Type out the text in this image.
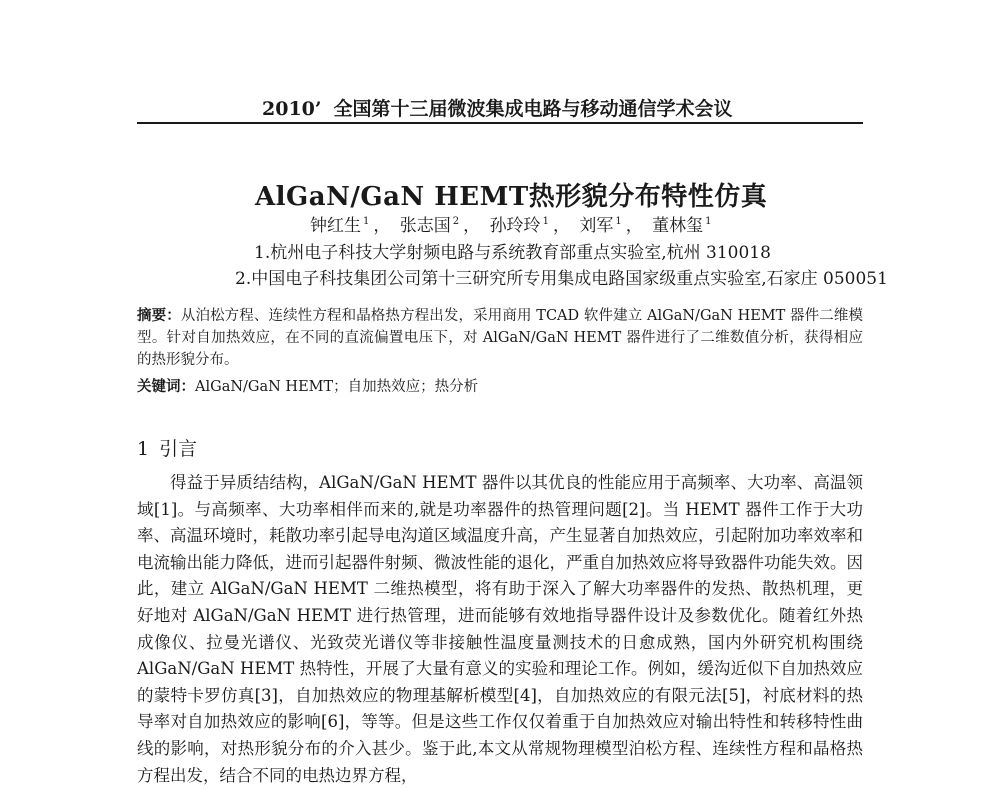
2010’ 全国第十三届微波集成电路与移动通信学术会议
AlGaN/GaN HEMT热形貌分布特性仿真
钟红生 $^1$ ， 张志国 $^2$ ， 孙玲玲 $^1$ ， 刘军 $^1$ ， 董林玺 $^1$
1.杭州电子科技大学射频电路与系统教育部重点实验室,杭州 310018
2.中国电子科技集团公司第十三研究所专用集成电路国家级重点实验室,石家庄 050051
摘要：从泊松方程、连续性方程和晶格热方程出发，采用商用 TCAD 软件建立 AlGaN/GaN HEMT 器件二维模型。针对自加热效应，在不同的直流偏置电压下，对 AlGaN/GaN HEMT 器件进行了二维数值分析，获得相应的热形貌分布。
关键词：AlGaN/GaN HEMT；自加热效应；热分析
1 引言
得益于异质结结构，AlGaN/GaN HEMT 器件以其优良的性能应用于高频率、大功率、高温领域[1]。与高频率、大功率相伴而来的,就是功率器件的热管理问题[2]。当 HEMT 器件工作于大功率、高温环境时，耗散功率引起导电沟道区域温度升高，产生显著自加热效应，引起附加功率效率和电流输出能力降低，进而引起器件射频、微波性能的退化，严重自加热效应将导致器件功能失效。因此，建立 AlGaN/GaN HEMT 二维热模型，将有助于深入了解大功率器件的发热、散热机理，更好地对 AlGaN/GaN HEMT 进行热管理，进而能够有效地指导器件设计及参数优化。随着红外热成像仪、拉曼光谱仪、光致荧光谱仪等非接触性温度量测技术的日愈成熟，国内外研究机构围绕 AlGaN/GaN HEMT 热特性，开展了大量有意义的实验和理论工作。例如，缓沟近似下自加热效应的蒙特卡罗仿真[3]，自加热效应的物理基解析模型[4]，自加热效应的有限元法[5]，衬底材料的热导率对自加热效应的影响[6]，等等。但是这些工作仅仅着重于自加热效应对输出特性和转移特性曲线的影响，对热形貌分布的介入甚少。鉴于此,本文从常规物理模型泊松方程、连续性方程和晶格热方程出发，结合不同的电热边界方程，
